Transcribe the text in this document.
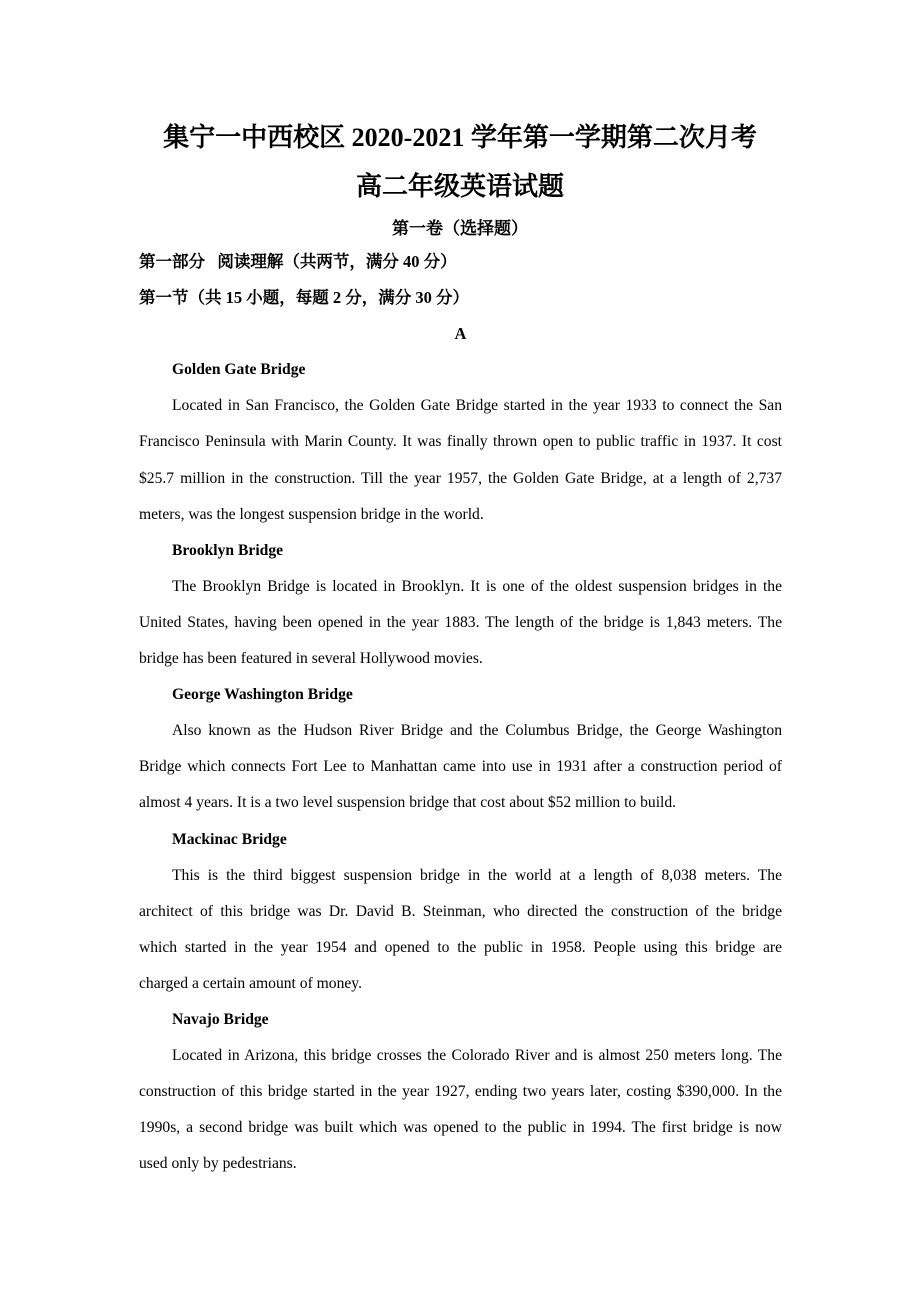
集宁一中西校区 2020-2021 学年第一学期第二次月考
高二年级英语试题
第一卷（选择题）
第一部分   阅读理解（共两节，满分 40 分）
第一节（共 15 小题，每题 2 分，满分 30 分）
A
Golden Gate Bridge
Located in San Francisco, the Golden Gate Bridge started in the year 1933 to connect the San
Francisco Peninsula with Marin County. It was finally thrown open to public traffic in 1937. It cost
$25.7 million in the construction. Till the year 1957, the Golden Gate Bridge, at a length of 2,737
meters, was the longest suspension bridge in the world.
Brooklyn Bridge
The Brooklyn Bridge is located in Brooklyn. It is one of the oldest suspension bridges in the
United States, having been opened in the year 1883. The length of the bridge is 1,843 meters. The
bridge has been featured in several Hollywood movies.
George Washington Bridge
Also known as the Hudson River Bridge and the Columbus Bridge, the George Washington
Bridge which connects Fort Lee to Manhattan came into use in 1931 after a construction period of
almost 4 years. It is a two level suspension bridge that cost about $52 million to build.
Mackinac Bridge
This is the third biggest suspension bridge in the world at a length of 8,038 meters. The
architect of this bridge was Dr. David B. Steinman, who directed the construction of the bridge
which started in the year 1954 and opened to the public in 1958. People using this bridge are
charged a certain amount of money.
Navajo Bridge
Located in Arizona, this bridge crosses the Colorado River and is almost 250 meters long. The
construction of this bridge started in the year 1927, ending two years later, costing $390,000. In the
1990s, a second bridge was built which was opened to the public in 1994. The first bridge is now
used only by pedestrians.
